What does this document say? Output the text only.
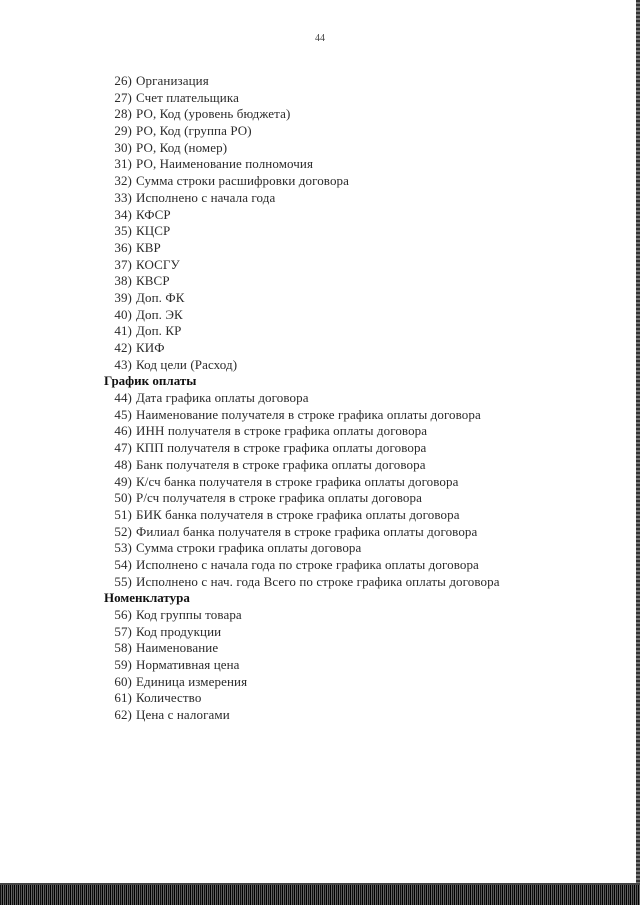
44
26) Организация
27) Счет плательщика
28) РО, Код (уровень бюджета)
29) РО, Код (группа РО)
30) РО, Код (номер)
31) РО, Наименование полномочия
32) Сумма строки расшифровки договора
33) Исполнено с начала года
34) КФСР
35) КЦСР
36) КВР
37) КОСГУ
38) КВСР
39) Доп. ФК
40) Доп. ЭК
41) Доп. КР
42) КИФ
43) Код цели (Расход)
График оплаты
44) Дата графика оплаты договора
45) Наименование получателя в строке графика оплаты договора
46) ИНН получателя в строке графика оплаты договора
47) КПП получателя в строке графика оплаты договора
48) Банк получателя в строке графика оплаты договора
49) К/сч банка получателя в строке графика оплаты договора
50) Р/сч получателя в строке графика оплаты договора
51) БИК банка получателя в строке графика оплаты договора
52) Филиал банка получателя в строке графика оплаты договора
53) Сумма строки графика оплаты договора
54) Исполнено с начала года по строке графика оплаты договора
55) Исполнено с нач. года Всего по строке графика оплаты договора
Номенклатура
56) Код группы товара
57) Код продукции
58) Наименование
59) Нормативная цена
60) Единица измерения
61) Количество
62) Цена с налогами
